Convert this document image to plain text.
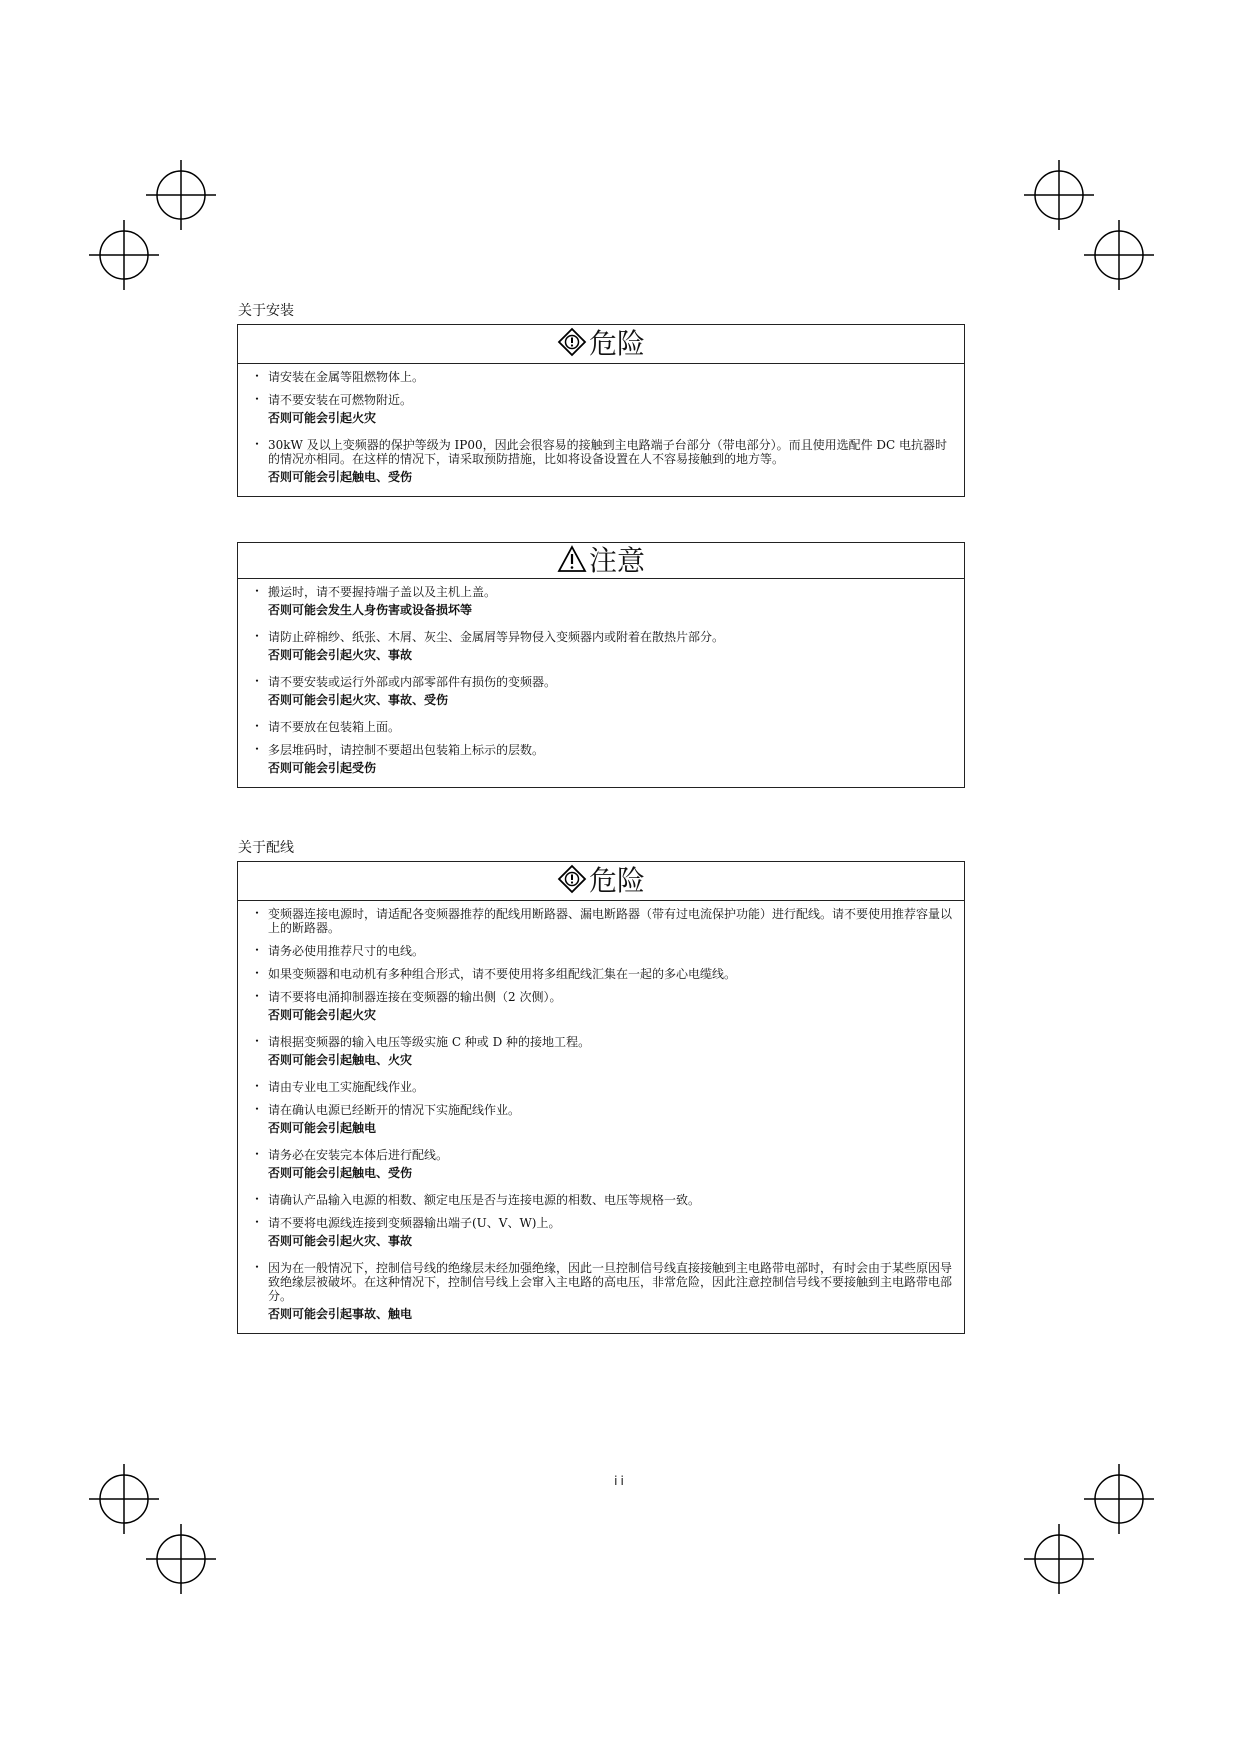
关于安装
危险
・ 请安装在金属等阻燃物体上。
・ 请不要安装在可燃物附近。
否则可能会引起火灾
・ 30kW 及以上变频器的保护等级为 IP00，因此会很容易的接触到主电路端子台部分（带电部分）。而且使用选配件 DC 电抗器时的情况亦相同。在这样的情况下，请采取预防措施，比如将设备设置在人不容易接触到的地方等。
否则可能会引起触电、受伤
注意
・ 搬运时，请不要握持端子盖以及主机上盖。
否则可能会发生人身伤害或设备损坏等
・ 请防止碎棉纱、纸张、木屑、灰尘、金属屑等异物侵入变频器内或附着在散热片部分。
否则可能会引起火灾、事故
・ 请不要安装或运行外部或内部零部件有损伤的变频器。
否则可能会引起火灾、事故、受伤
・ 请不要放在包装箱上面。
・ 多层堆码时，请控制不要超出包装箱上标示的层数。
否则可能会引起受伤
关于配线
危险
・ 变频器连接电源时，请适配各变频器推荐的配线用断路器、漏电断路器（带有过电流保护功能）进行配线。请不要使用推荐容量以上的断路器。
・ 请务必使用推荐尺寸的电线。
・ 如果变频器和电动机有多种组合形式，请不要使用将多组配线汇集在一起的多心电缆线。
・ 请不要将电涌抑制器连接在变频器的输出侧（2 次侧）。
否则可能会引起火灾
・ 请根据变频器的输入电压等级实施 C 种或 D 种的接地工程。
否则可能会引起触电、火灾
・ 请由专业电工实施配线作业。
・ 请在确认电源已经断开的情况下实施配线作业。
否则可能会引起触电
・ 请务必在安装完本体后进行配线。
否则可能会引起触电、受伤
・ 请确认产品输入电源的相数、额定电压是否与连接电源的相数、电压等规格一致。
・ 请不要将电源线连接到变频器输出端子(U、V、W)上。
否则可能会引起火灾、事故
・ 因为在一般情况下，控制信号线的绝缘层未经加强绝缘，因此一旦控制信号线直接接触到主电路带电部时，有时会由于某些原因导致绝缘层被破坏。在这种情况下，控制信号线上会窜入主电路的高电压，非常危险，因此注意控制信号线不要接触到主电路带电部分。
否则可能会引起事故、触电
ii
